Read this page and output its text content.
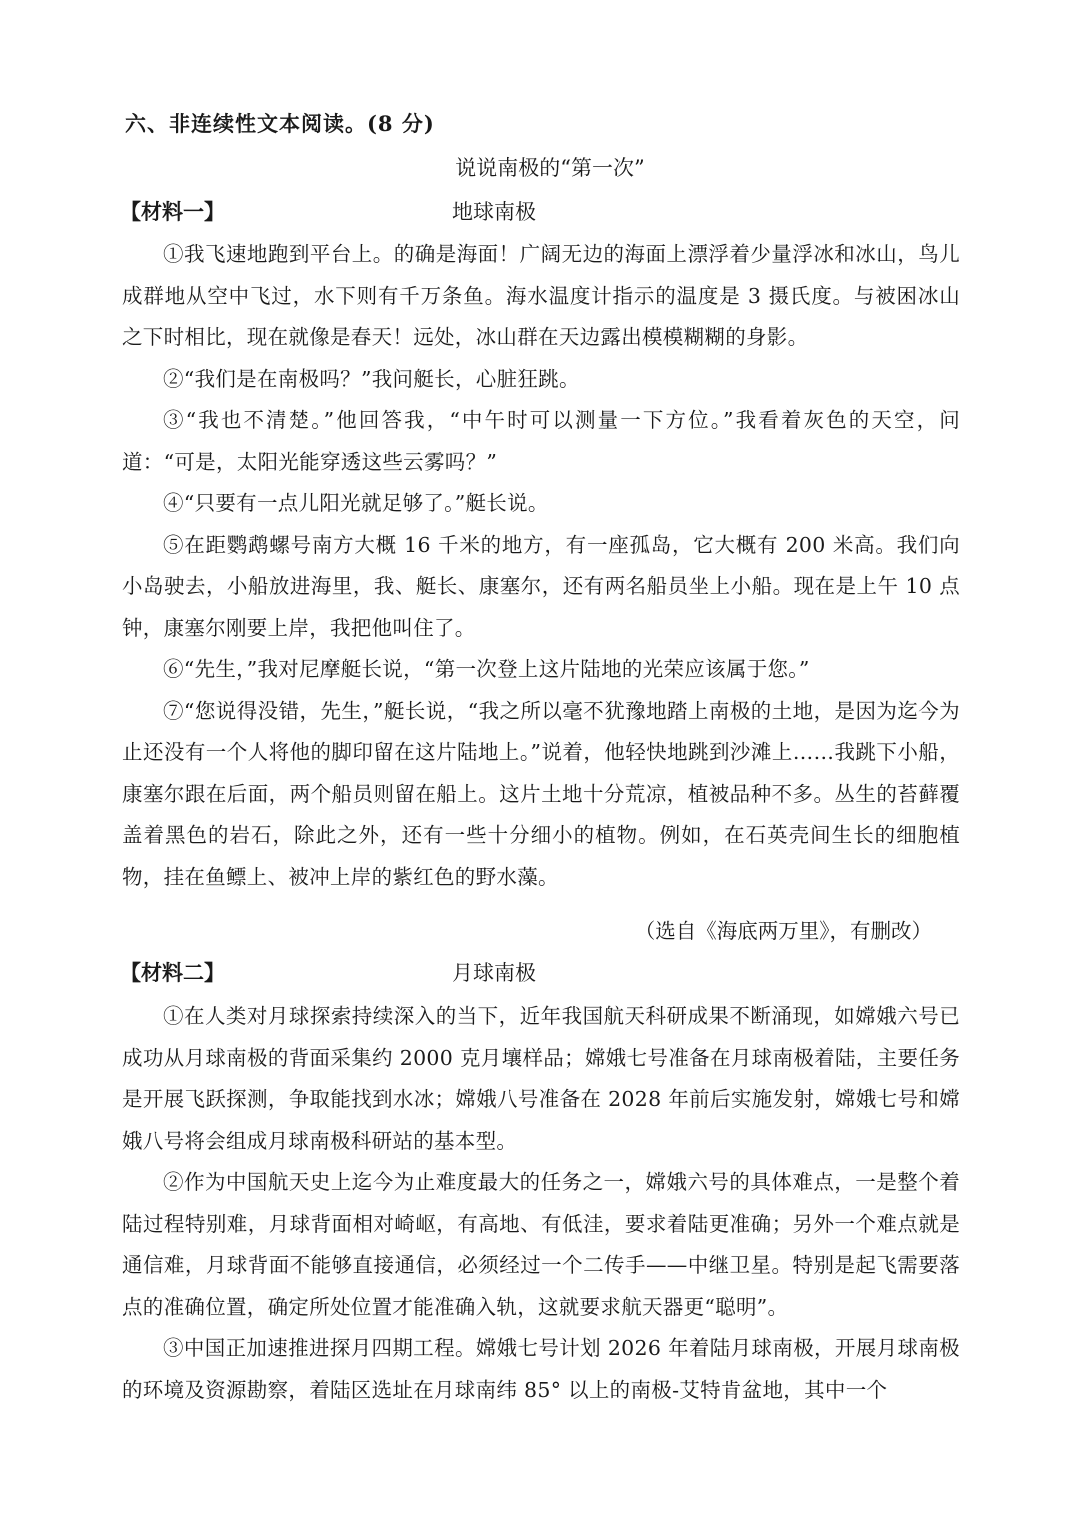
六、非连续性文本阅读。(8 分)
说说南极的“第一次”
【材料一】	地球南极

①我飞速地跑到平台上。的确是海面！广阔无边的海面上漂浮着少量浮冰和冰山，鸟儿成群地从空中飞过，水下则有千万条鱼。海水温度计指示的温度是 3 摄氏度。与被困冰山之下时相比，现在就像是春天！远处，冰山群在天边露出模模糊糊的身影。

②“我们是在南极吗？”我问艇长，心脏狂跳。

③“我也不清楚。”他回答我，“中午时可以测量一下方位。”我看着灰色的天空，问道：“可是，太阳光能穿透这些云雾吗？”

④“只要有一点儿阳光就足够了。”艇长说。

⑤在距鹦鹉螺号南方大概 16 千米的地方，有一座孤岛，它大概有 200 米高。我们向小岛驶去，小船放进海里，我、艇长、康塞尔，还有两名船员坐上小船。现在是上午 10 点钟，康塞尔刚要上岸，我把他叫住了。

⑥“先生，”我对尼摩艇长说，“第一次登上这片陆地的光荣应该属于您。”

⑦“您说得没错，先生，”艇长说，“我之所以毫不犹豫地踏上南极的土地，是因为迄今为止还没有一个人将他的脚印留在这片陆地上。”说着，他轻快地跳到沙滩上……我跳下小船，康塞尔跟在后面，两个船员则留在船上。这片土地十分荒凉，植被品种不多。丛生的苔藓覆盖着黑色的岩石，除此之外，还有一些十分细小的植物。例如，在石英壳间生长的细胞植物，挂在鱼鳔上、被冲上岸的紫红色的野水藻。

（选自《海底两万里》，有删改）
【材料二】	月球南极

①在人类对月球探索持续深入的当下，近年我国航天科研成果不断涌现，如嫦娥六号已成功从月球南极的背面采集约 2000 克月壤样品；嫦娥七号准备在月球南极着陆，主要任务是开展飞跃探测，争取能找到水冰；嫦娥八号准备在 2028 年前后实施发射，嫦娥七号和嫦娥八号将会组成月球南极科研站的基本型。

②作为中国航天史上迄今为止难度最大的任务之一，嫦娥六号的具体难点，一是整个着陆过程特别难，月球背面相对崎岖，有高地、有低洼，要求着陆更准确；另外一个难点就是通信难，月球背面不能够直接通信，必须经过一个二传手——中继卫星。特别是起飞需要落点的准确位置，确定所处位置才能准确入轨，这就要求航天器更“聪明”。

③中国正加速推进探月四期工程。嫦娥七号计划 2026 年着陆月球南极，开展月球南极的环境及资源勘察，着陆区选址在月球南纬 85° 以上的南极-艾特肯盆地，其中一个
